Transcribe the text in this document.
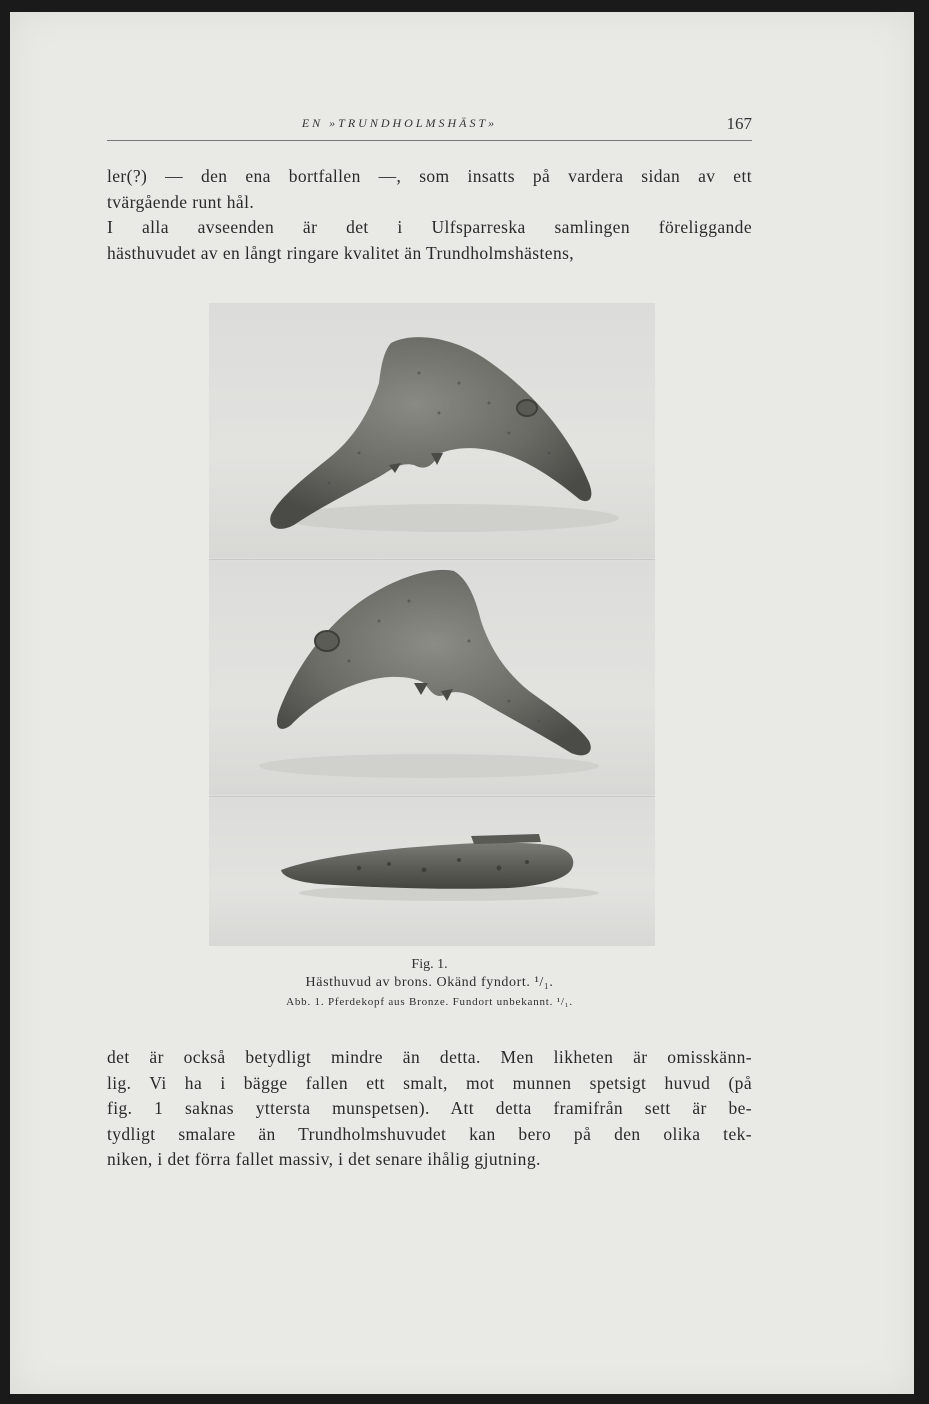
EN »TRUNDHOLMSHÄST»	167
ler(?) — den ena bortfallen —, som insatts på vardera sidan av ett
tvärgående runt hål.
I alla avseenden är det i Ulfsparreska samlingen föreliggande
hästhuvudet av en långt ringare kvalitet än Trundholmshästens,
Fig. 1.
Hästhuvud av brons. Okänd fyndort. ¹/₁.
Abb. 1. Pferdekopf aus Bronze. Fundort unbekannt. ¹/₁.
det är också betydligt mindre än detta. Men likheten är omisskänn-
lig. Vi ha i bägge fallen ett smalt, mot munnen spetsigt huvud (på
fig. 1 saknas yttersta munspetsen). Att detta framifrån sett är be-
tydligt smalare än Trundholmshuvudet kan bero på den olika tek-
niken, i det förra fallet massiv, i det senare ihålig gjutning.
